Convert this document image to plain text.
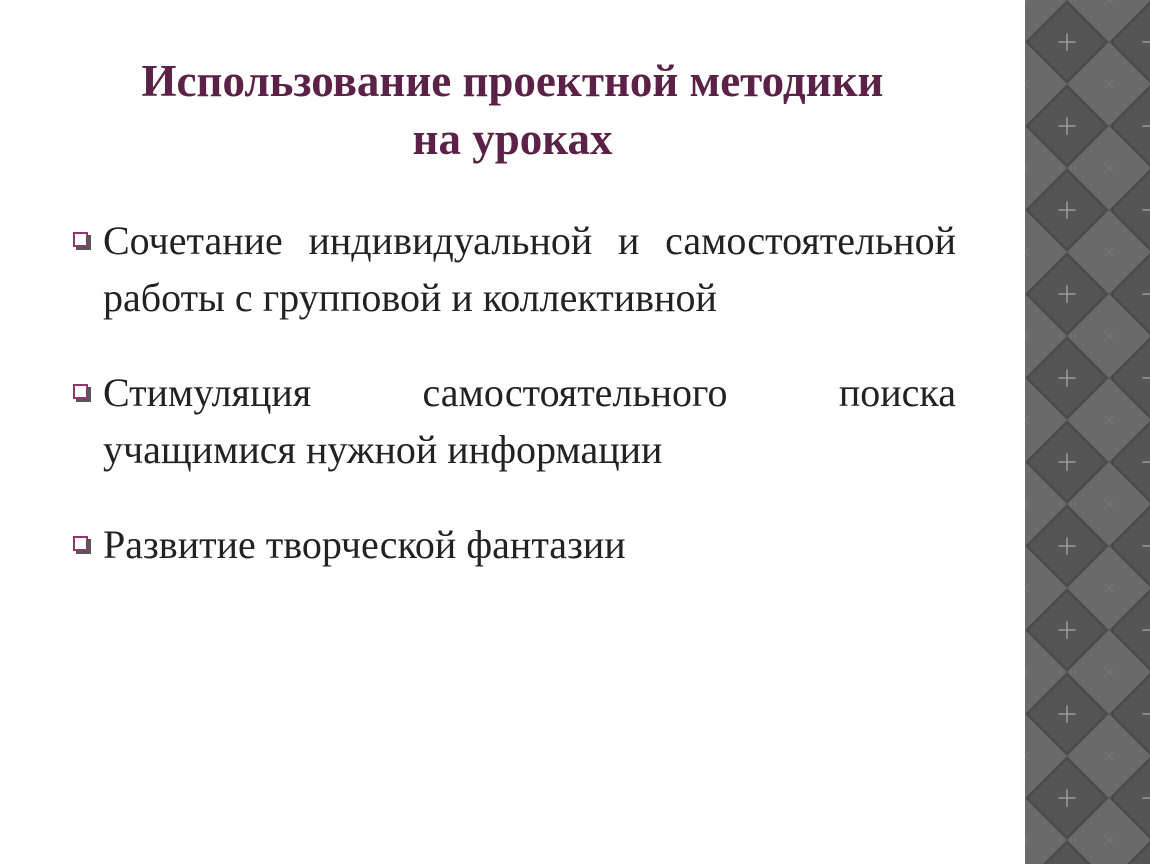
Использование проектной методики
на уроках
Сочетание индивидуальной и самостоятельной работы с групповой и коллективной
Стимуляция самостоятельного поиска учащимися нужной информации
Развитие творческой фантазии
